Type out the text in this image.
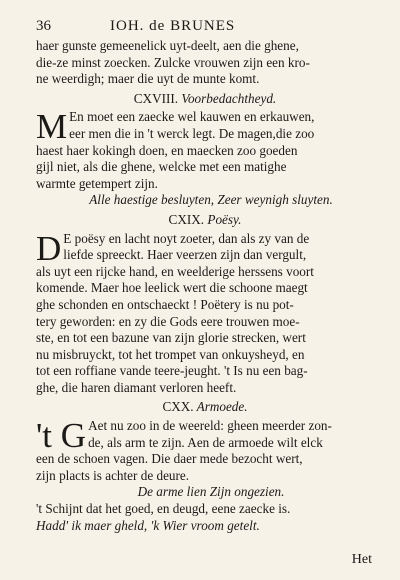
36	IOH. de BRUNES

haer gunste gemeenelick uyt-deelt, aen die ghene,
die-ze minst zoecken. Zulcke vrouwen zijn een kro-
ne weerdigh; maer die uyt de munte komt.

CXVIII. Voorbedachtheyd.

M En moet een zaecke wel kauwen en erkauwen,
eer men die in 't werck legt. De magen,die zoo
haest haer kokingh doen, en maecken zoo goeden
gijl niet, als die ghene, welcke met een matighe
warmte getempert zijn.

Alle haestige besluyten, Zeer weynigh sluyten.
CXIX. Poësy.

D E poësy en lacht noyt zoeter, dan als zy van de
liefde spreeckt. Haer veerzen zijn dan vergult,
als uyt een rijcke hand, en weelderige herssens voort
komende. Maer hoe leelick wert die schoone maegt
ghe schonden en ontschaeckt ! Poëtery is nu pot-
tery geworden: en zy die Gods eere trouwen moe-
ste, en tot een bazune van zijn glorie strecken, wert
nu misbruyckt, tot het trompet van onkuysheyd, en
tot een roffiane vande teere-jeught. 't Is nu een bag-
ghe, die haren diamant verloren heeft.

CXX. Armoede.

't G Aet nu zoo in de weereld: gheen meerder zon-
de, als arm te zijn. Aen de armoede wilt elck
een de schoen vagen. Die daer mede bezocht wert,
zijn placts is achter de deure.

De arme lien Zijn ongezien.

't Schijnt dat het goed, en deugd, eene zaecke is.
Hadd' ik maer gheld, 'k Wier vroom getelt.

Het
